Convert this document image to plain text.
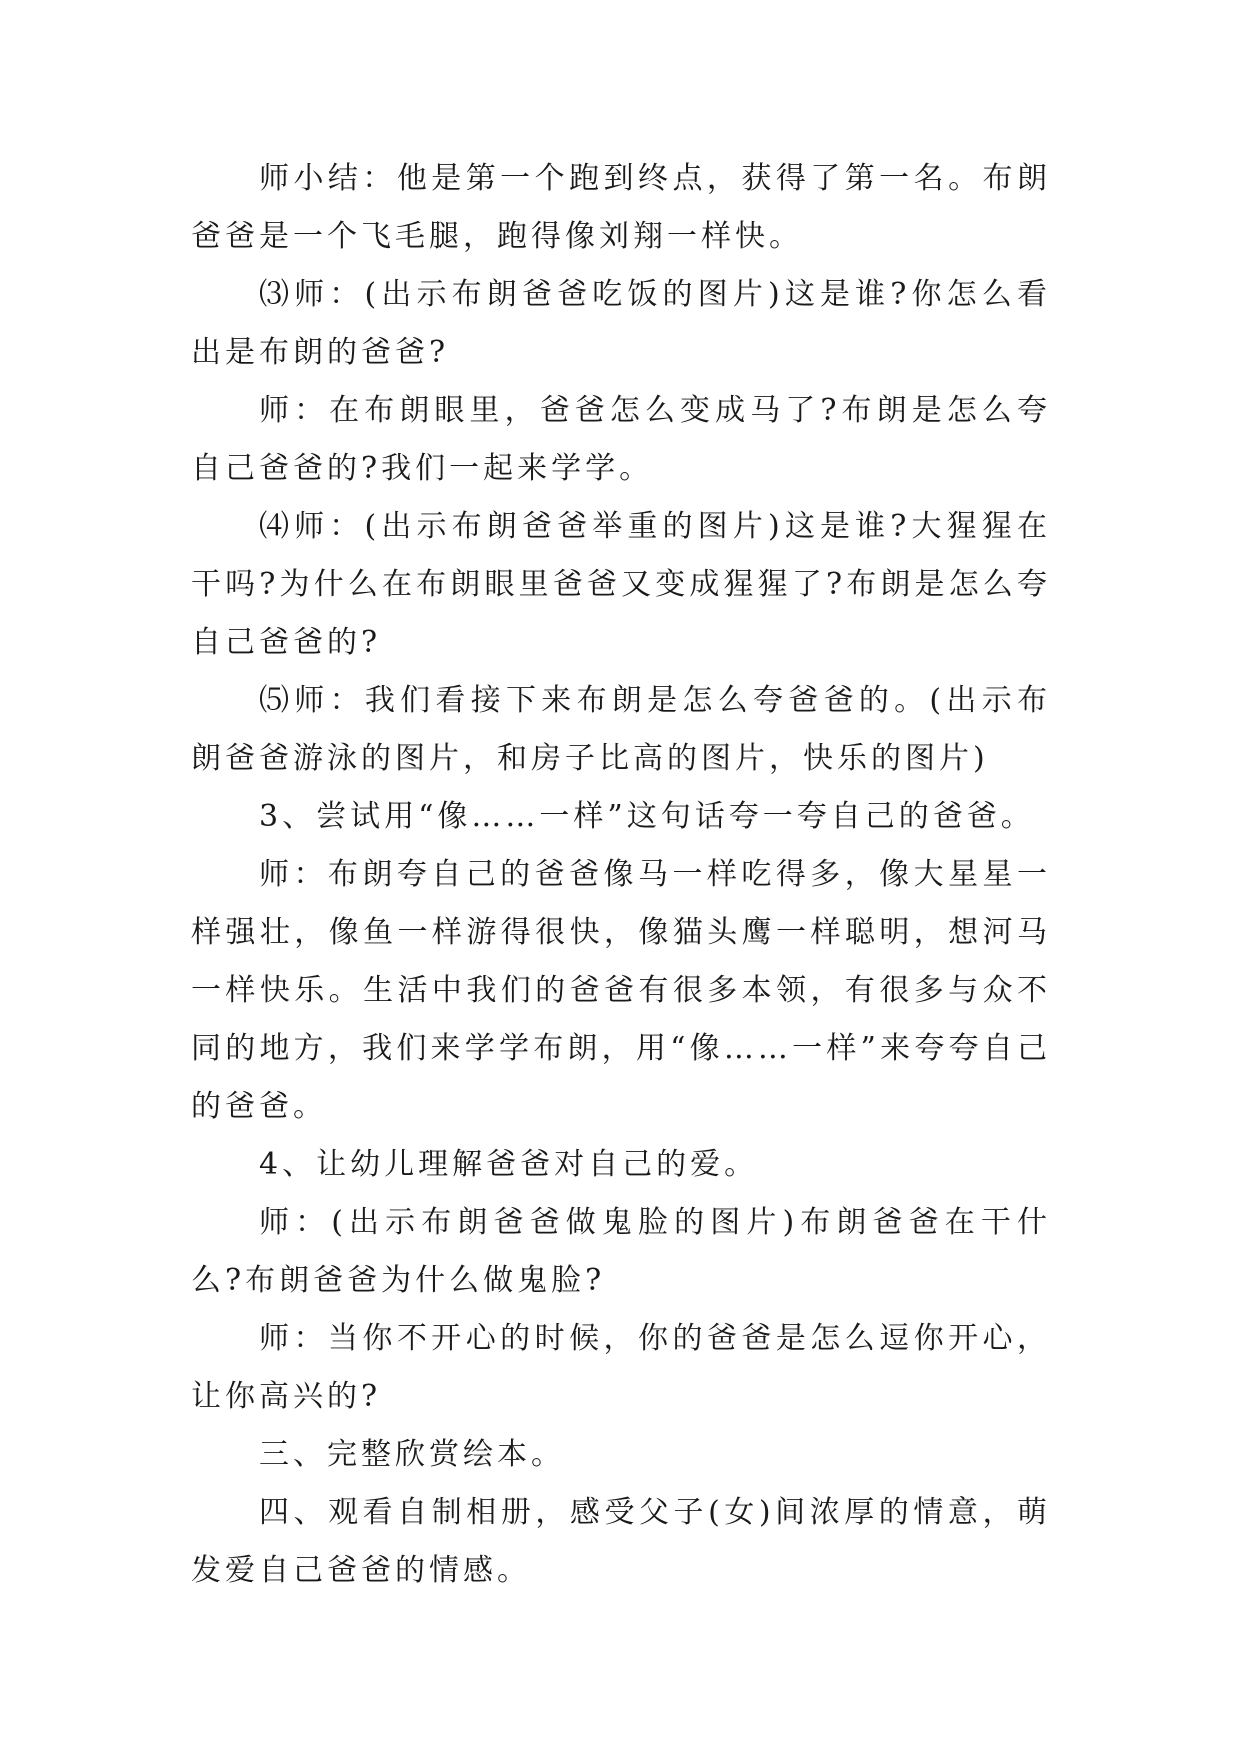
师小结：他是第一个跑到终点，获得了第一名。布朗爸爸是一个飞毛腿，跑得像刘翔一样快。

⑶师：(出示布朗爸爸吃饭的图片)这是谁?你怎么看出是布朗的爸爸?

师：在布朗眼里，爸爸怎么变成马了?布朗是怎么夸自己爸爸的?我们一起来学学。

⑷师：(出示布朗爸爸举重的图片)这是谁?大猩猩在干吗?为什么在布朗眼里爸爸又变成猩猩了?布朗是怎么夸自己爸爸的?

⑸师：我们看接下来布朗是怎么夸爸爸的。(出示布朗爸爸游泳的图片，和房子比高的图片，快乐的图片)

3、尝试用“像……一样”这句话夸一夸自己的爸爸。

师：布朗夸自己的爸爸像马一样吃得多，像大星星一样强壮，像鱼一样游得很快，像猫头鹰一样聪明，想河马一样快乐。生活中我们的爸爸有很多本领，有很多与众不同的地方，我们来学学布朗，用“像……一样”来夸夸自己的爸爸。

4、让幼儿理解爸爸对自己的爱。

师：(出示布朗爸爸做鬼脸的图片)布朗爸爸在干什么?布朗爸爸为什么做鬼脸?

师：当你不开心的时候，你的爸爸是怎么逗你开心，让你高兴的?

三、完整欣赏绘本。

四、观看自制相册，感受父子(女)间浓厚的情意，萌发爱自己爸爸的情感。
